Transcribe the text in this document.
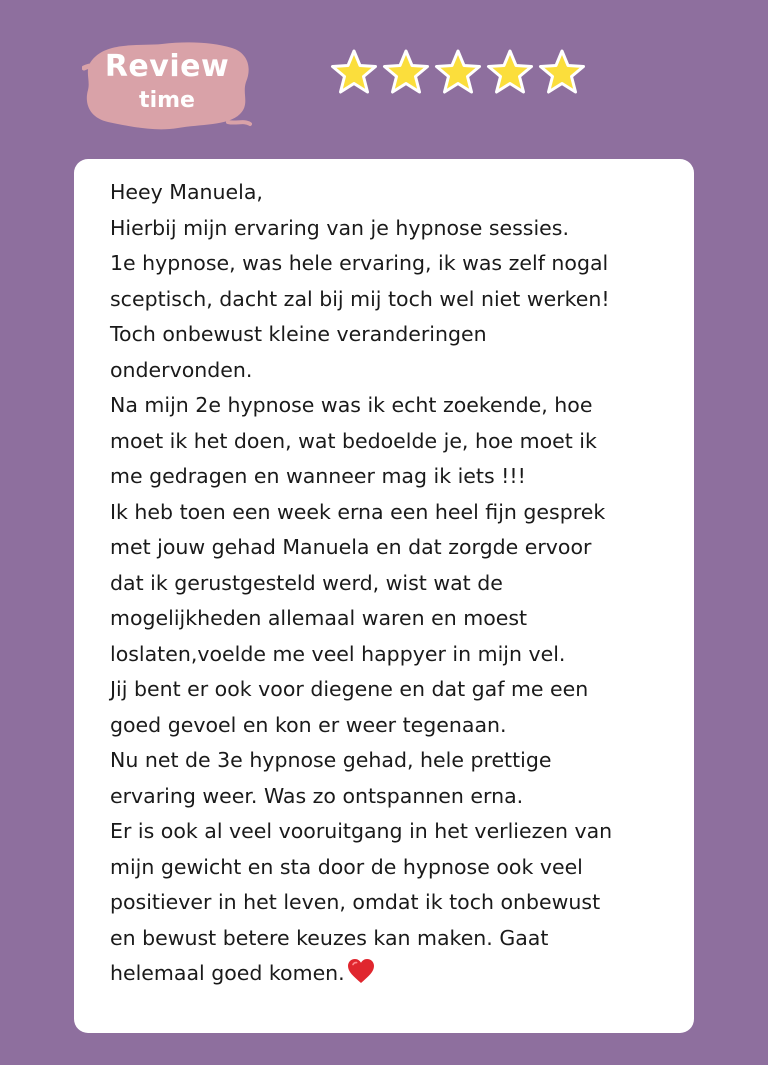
Review
time
Heey Manuela,
Hierbij mijn ervaring van je hypnose sessies.
1e hypnose, was hele ervaring, ik was zelf nogal
sceptisch, dacht zal bij mij toch wel niet werken!
Toch onbewust kleine veranderingen
ondervonden.
Na mijn 2e hypnose was ik echt zoekende, hoe
moet ik het doen, wat bedoelde je, hoe moet ik
me gedragen en wanneer mag ik iets !!!
Ik heb toen een week erna een heel fijn gesprek
met jouw gehad Manuela en dat zorgde ervoor
dat ik gerustgesteld werd, wist wat de
mogelijkheden allemaal waren en moest
loslaten,voelde me veel happyer in mijn vel.
Jij bent er ook voor diegene en dat gaf me een
goed gevoel en kon er weer tegenaan.
Nu net de 3e hypnose gehad, hele prettige
ervaring weer. Was zo ontspannen erna.
Er is ook al veel vooruitgang in het verliezen van
mijn gewicht en sta door de hypnose ook veel
positiever in het leven, omdat ik toch onbewust
en bewust betere keuzes kan maken. Gaat
helemaal goed komen.
